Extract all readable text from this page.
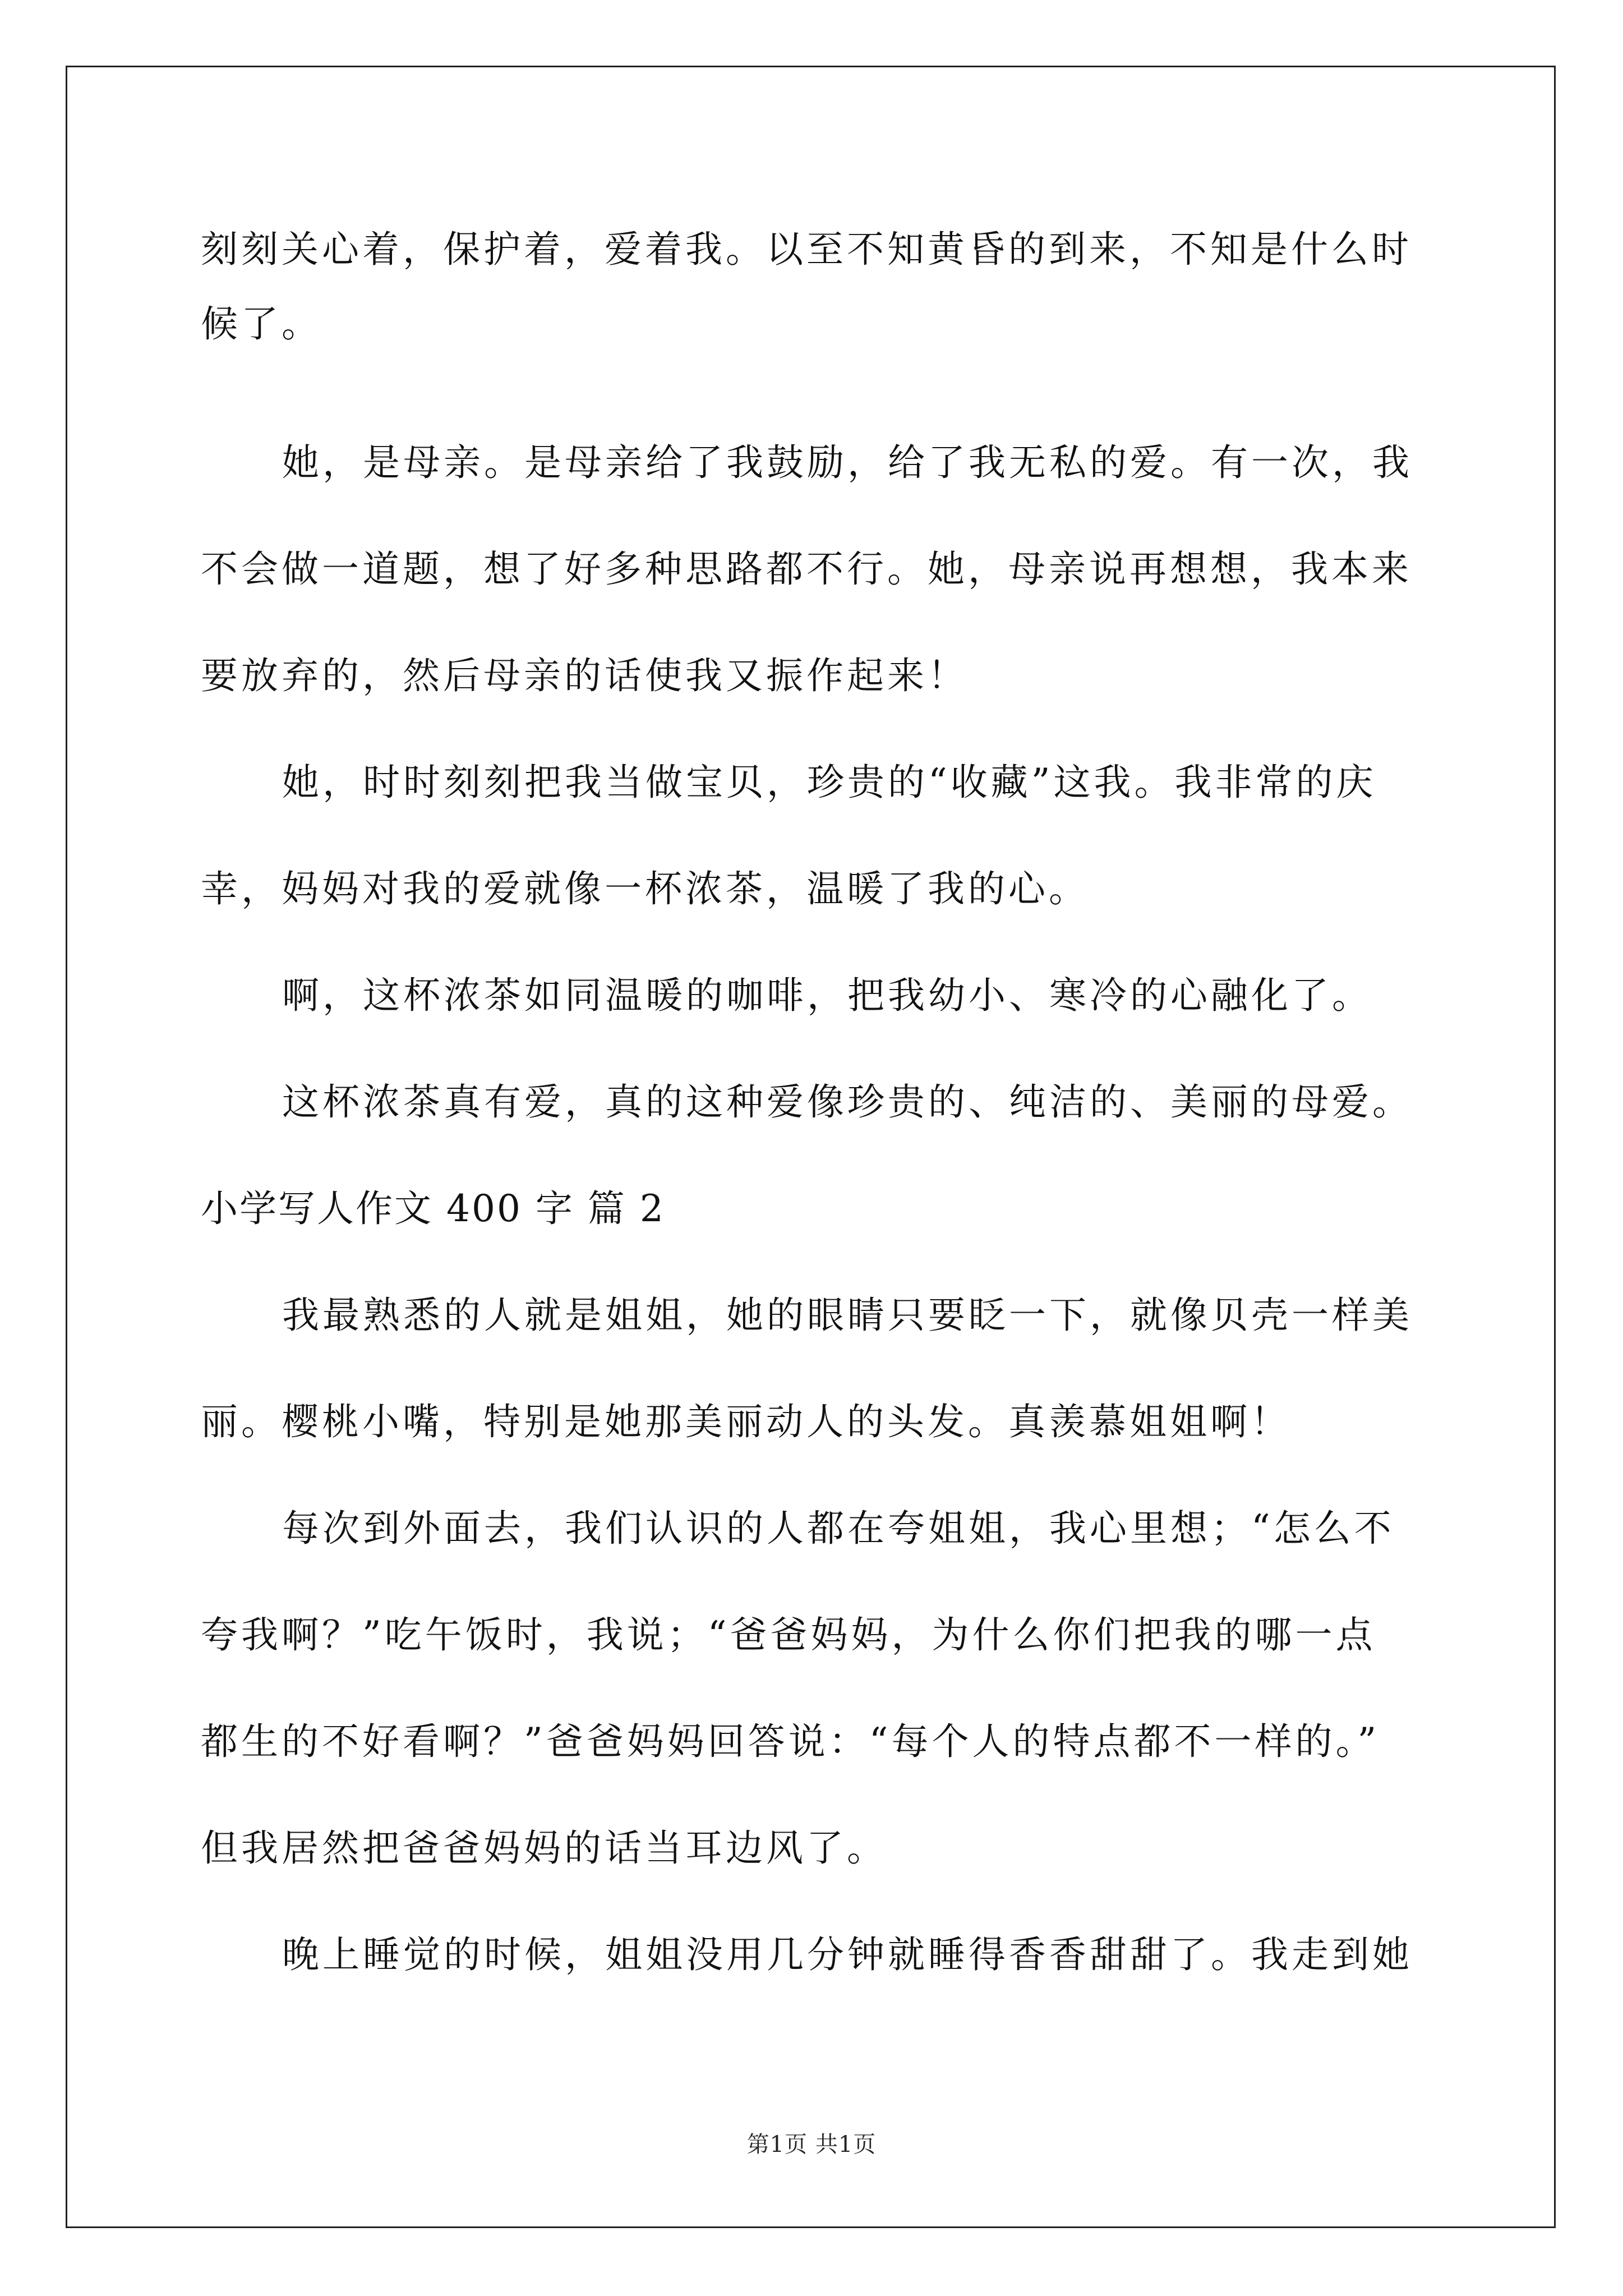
刻刻关心着，保护着，爱着我。以至不知黄昏的到来，不知是什么时
候了。
她，是母亲。是母亲给了我鼓励，给了我无私的爱。有一次，我
不会做一道题，想了好多种思路都不行。她，母亲说再想想，我本来
要放弃的，然后母亲的话使我又振作起来！
她，时时刻刻把我当做宝贝，珍贵的“收藏”这我。我非常的庆
幸，妈妈对我的爱就像一杯浓茶，温暖了我的心。
啊，这杯浓茶如同温暖的咖啡，把我幼小、寒冷的心融化了。
这杯浓茶真有爱，真的这种爱像珍贵的、纯洁的、美丽的母爱。
小学写人作文 400 字 篇 2
我最熟悉的人就是姐姐，她的眼睛只要眨一下，就像贝壳一样美
丽。樱桃小嘴，特别是她那美丽动人的头发。真羡慕姐姐啊！
每次到外面去，我们认识的人都在夸姐姐，我心里想；“怎么不
夸我啊？”吃午饭时，我说；“爸爸妈妈，为什么你们把我的哪一点
都生的不好看啊？”爸爸妈妈回答说：“每个人的特点都不一样的。”
但我居然把爸爸妈妈的话当耳边风了。
晚上睡觉的时候，姐姐没用几分钟就睡得香香甜甜了。我走到她
第1页 共1页
